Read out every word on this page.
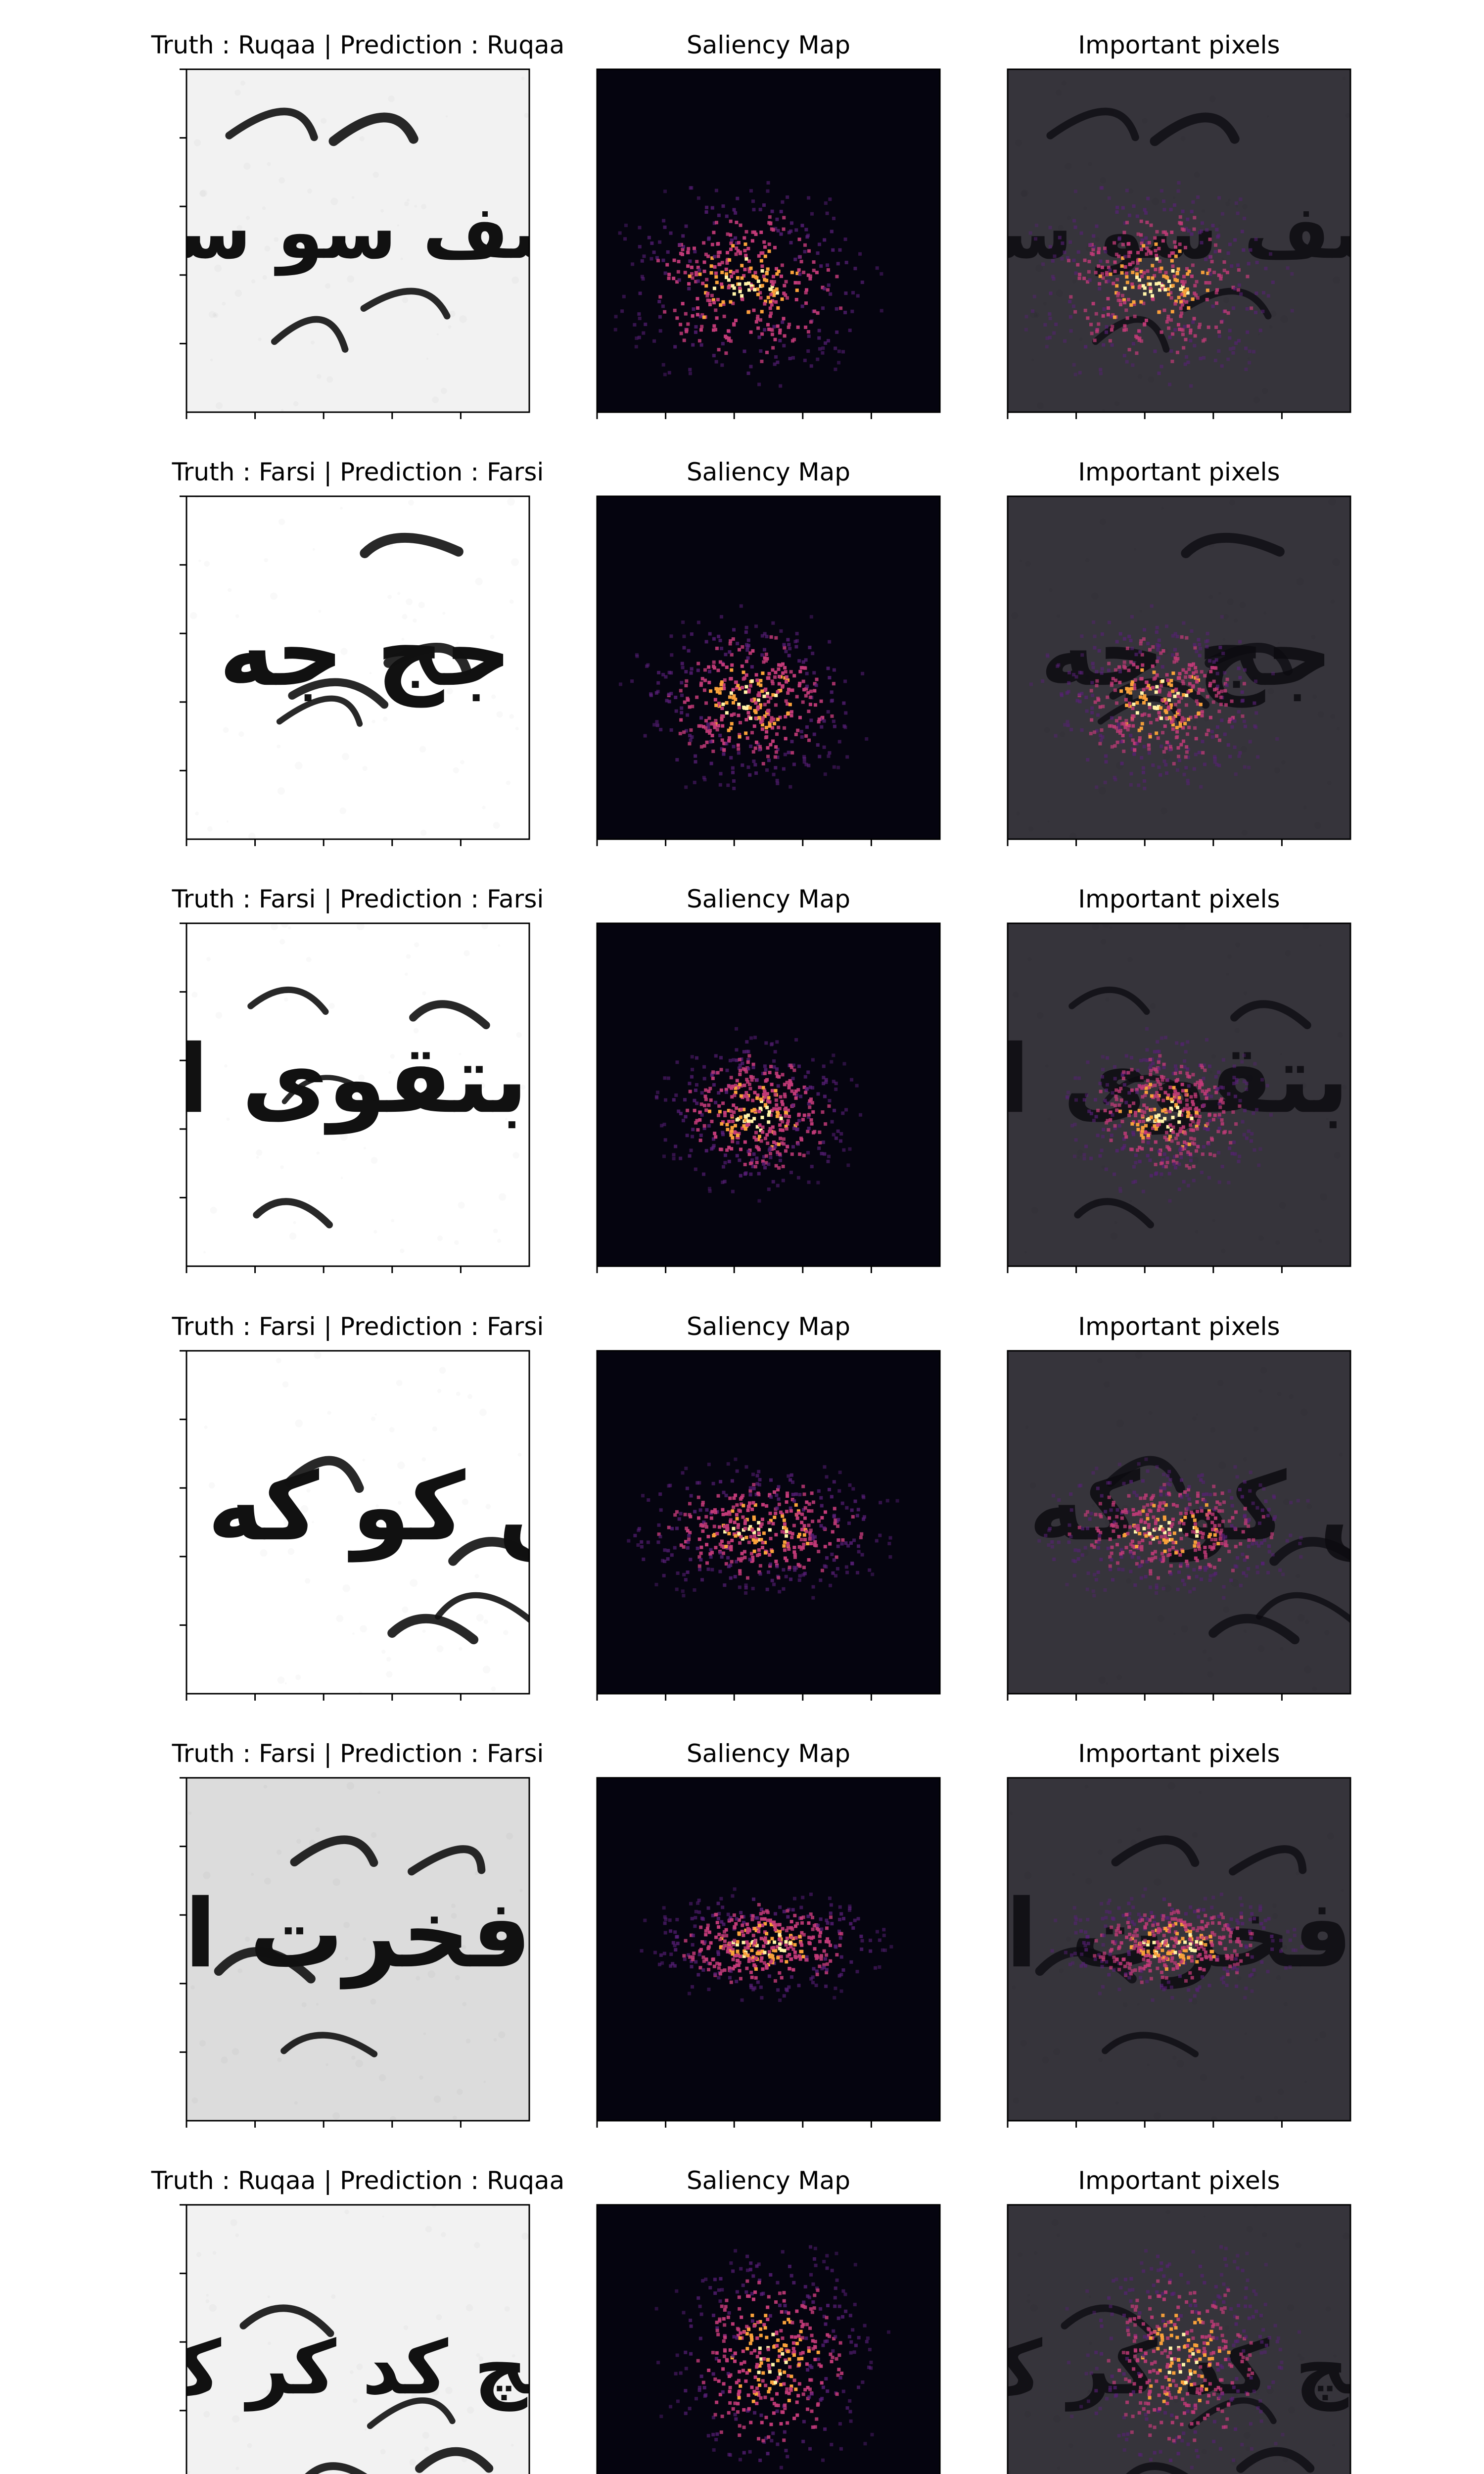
Truth : Ruqaa | Prediction : Ruqaa
سف سو سو
Saliency Map	Important pixels
سف سو سو
Truth : Farsi | Prediction : Farsi
جن جج جه جب
Saliency Map	Important pixels
جن جج جه جب
Truth : Farsi | Prediction : Farsi
لم بتقوی الله
Saliency Map	Important pixels
لم بتقوی الله
Truth : Farsi | Prediction : Farsi
کن کو که ک
Saliency Map	Important pixels
کن کو که ک
Truth : Farsi | Prediction : Farsi
فخرت ا
Saliency Map	Important pixels
فخرت ا
Truth : Ruqaa | Prediction : Ruqaa
کچ کد کر ک
Saliency Map	Important pixels
کچ کد کر ک
